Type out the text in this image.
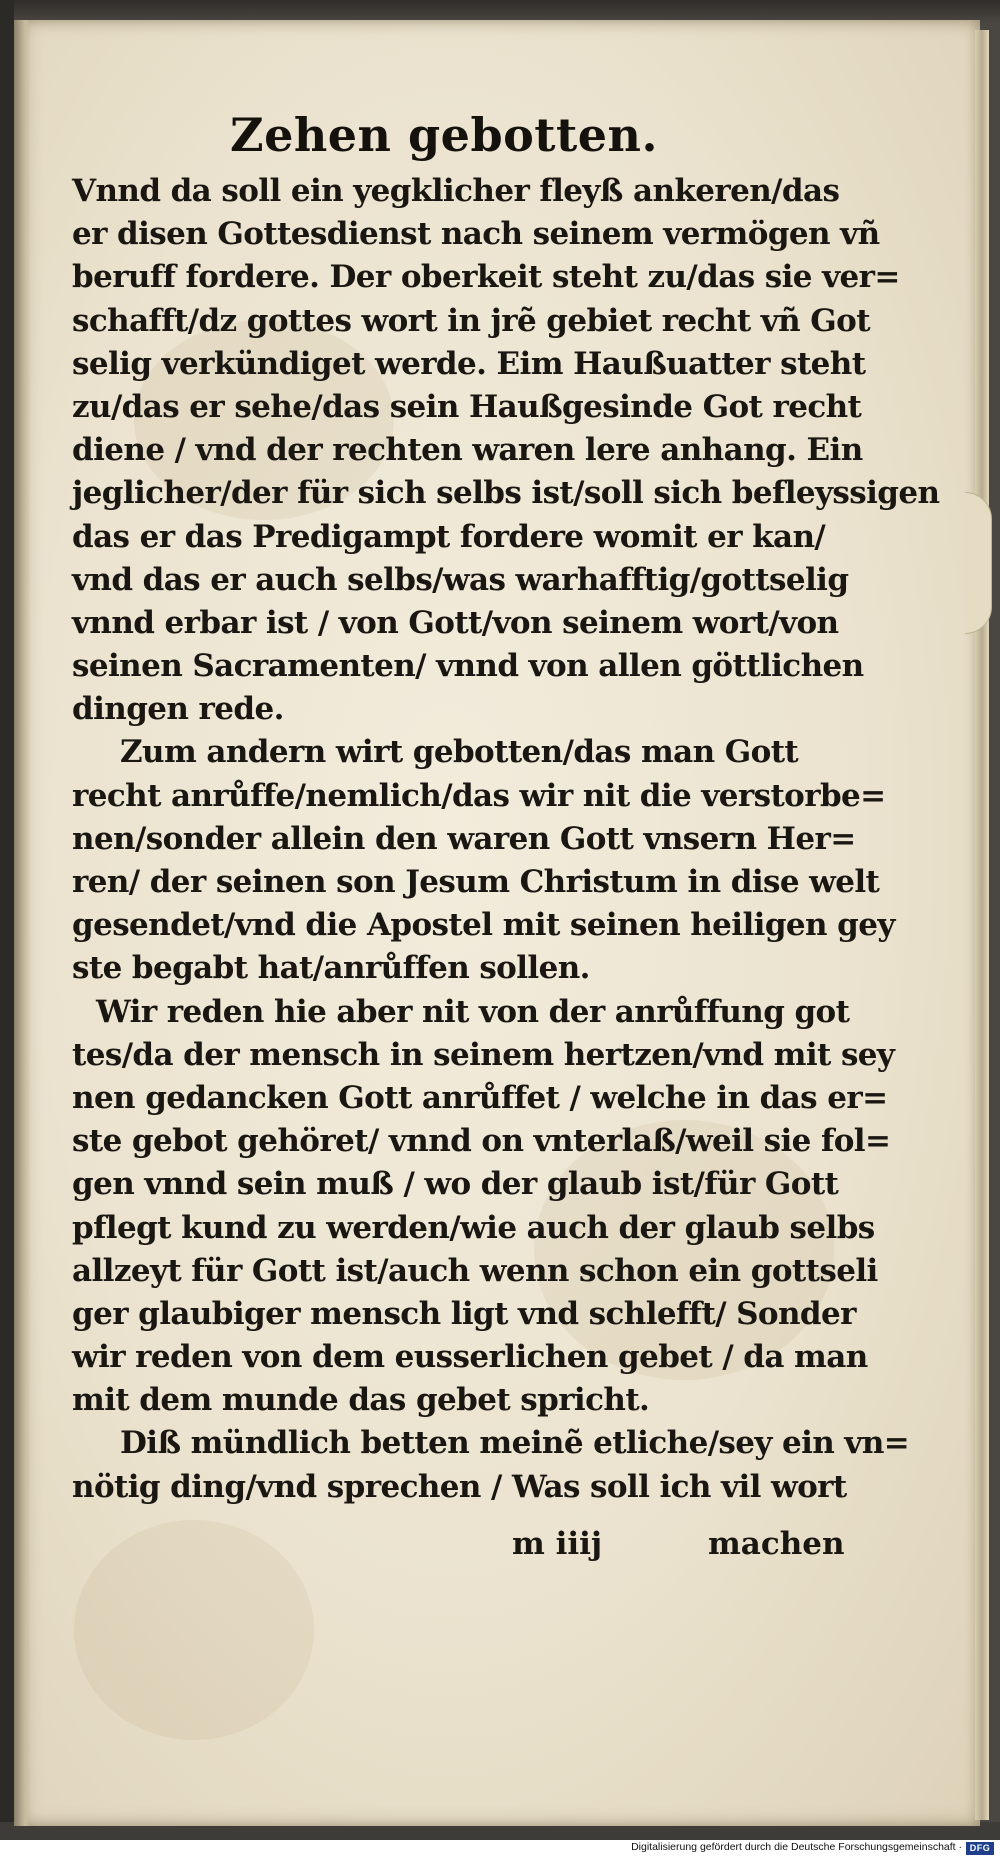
Zehen gebotten.
Vnnd da soll ein yegklicher fleyß ankeren/das
er disen Gottesdienst nach seinem vermögen vñ
beruff fordere. Der oberkeit steht zu/das sie ver=
schafft/dz gottes wort in jrẽ gebiet recht vñ Got
selig verkündiget werde. Eim Haußuatter steht
zu/das er sehe/das sein Haußgesinde Got recht
diene / vnd der rechten waren lere anhang. Ein
jeglicher/der für sich selbs ist/soll sich befleyssigen
das er das Predigampt fordere womit er kan/
vnd das er auch selbs/was warhafftig/gottselig
vnnd erbar ist / von Gott/von seinem wort/von
seinen Sacramenten/ vnnd von allen göttlichen
dingen rede.
Zum andern wirt gebotten/das man Gott
recht anrůffe/nemlich/das wir nit die verstorbe=
nen/sonder allein den waren Gott vnsern Her=
ren/ der seinen son Jesum Christum in dise welt
gesendet/vnd die Apostel mit seinen heiligen gey
ste begabt hat/anrůffen sollen.
Wir reden hie aber nit von der anrůffung got
tes/da der mensch in seinem hertzen/vnd mit sey
nen gedancken Gott anrůffet / welche in das er=
ste gebot gehöret/ vnnd on vnterlaß/weil sie fol=
gen vnnd sein muß / wo der glaub ist/für Gott
pflegt kund zu werden/wie auch der glaub selbs
allzeyt für Gott ist/auch wenn schon ein gottseli
ger glaubiger mensch ligt vnd schlefft/ Sonder
wir reden von dem eusserlichen gebet / da man
mit dem munde das gebet spricht.
Diß mündlich betten meinẽ etliche/sey ein vn=
nötig ding/vnd sprechen / Was soll ich vil wort
m iiij	machen
Digitalisierung gefördert durch die Deutsche Forschungsgemeinschaft · DFG
